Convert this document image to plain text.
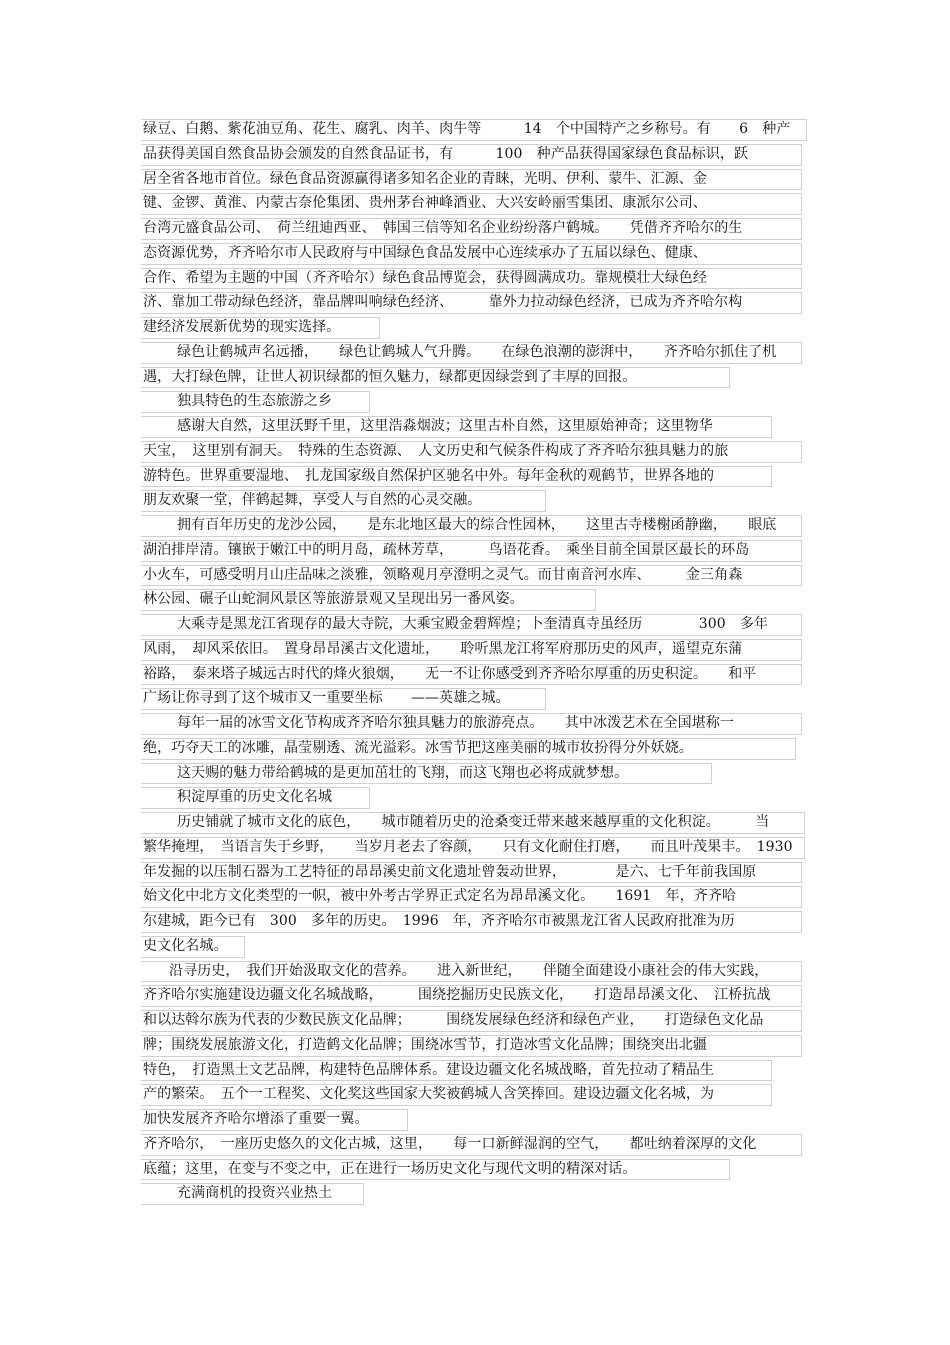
绿豆、白鹅、紫花油豆角、花生、腐乳、肉羊、肉牛等　　　14　个中国特产之乡称号。有　　6　种产
品获得美国自然食品协会颁发的自然食品证书，有　　　100　种产品获得国家绿色食品标识，跃
居全省各地市首位。绿色食品资源赢得诸多知名企业的青睐，光明、伊利、蒙牛、汇源、金
键、金锣、黄淮、内蒙古奈伦集团、贵州茅台神峰酒业、大兴安岭丽雪集团、康派尔公司、
台湾元盛食品公司、　荷兰纽迪西亚、　韩国三信等知名企业纷纷落户鹤城。　　凭借齐齐哈尔的生
态资源优势，齐齐哈尔市人民政府与中国绿色食品发展中心连续承办了五届以绿色、健康、
合作、希望为主题的中国（齐齐哈尔）绿色食品博览会，获得圆满成功。靠规模壮大绿色经
济、靠加工带动绿色经济，靠品牌叫响绿色经济、　　　靠外力拉动绿色经济，已成为齐齐哈尔构
建经济发展新优势的现实选择。
绿色让鹤城声名远播，　　绿色让鹤城人气升腾。　　在绿色浪潮的澎湃中，　　齐齐哈尔抓住了机
遇，大打绿色牌，让世人初识绿都的恒久魅力，绿都更因绿尝到了丰厚的回报。
独具特色的生态旅游之乡
感谢大自然，这里沃野千里，这里浩淼烟波；这里古朴自然，这里原始神奇；这里物华
天宝，　这里别有洞天。　特殊的生态资源、　人文历史和气候条件构成了齐齐哈尔独具魅力的旅
游特色。世界重要湿地、　扎龙国家级自然保护区驰名中外。每年金秋的观鹤节，世界各地的
朋友欢聚一堂，伴鹤起舞，享受人与自然的心灵交融。
拥有百年历史的龙沙公园，　　是东北地区最大的综合性园林，　　这里古寺楼榭函静幽，　　眼底
湖泊排岸清。镶嵌于嫩江中的明月岛，疏林芳草，　　　鸟语花香。　乘坐目前全国景区最长的环岛
小火车，可感受明月山庄品味之淡雅，领略观月亭澄明之灵气。而甘南音河水库、　　　金三角森
林公园、碾子山蛇洞风景区等旅游景观又呈现出另一番风姿。
大乘寺是黑龙江省现存的最大寺院，大乘宝殿金碧辉煌；卜奎清真寺虽经历　　　　300　多年
风雨，　却风采依旧。　置身昂昂溪古文化遗址，　　聆听黑龙江将军府那历史的风声，遥望克东蒲
裕路，　泰来塔子城远古时代的烽火狼烟，　　无一不让你感受到齐齐哈尔厚重的历史积淀。　　和平
广场让你寻到了这个城市又一重要坐标　　——英雄之城。
每年一届的冰雪文化节构成齐齐哈尔独具魅力的旅游亮点。　　其中冰泼艺术在全国堪称一
绝，巧夺天工的冰雕，晶莹剔透、流光溢彩。冰雪节把这座美丽的城市妆扮得分外妖娆。
这天赐的魅力带给鹤城的是更加茁壮的飞翔，而这飞翔也必将成就梦想。
积淀厚重的历史文化名城
历史铺就了城市文化的底色，　　城市随着历史的沧桑变迁带来越来越厚重的文化积淀。　　　当
繁华掩埋，　当语言失于乡野，　　当岁月老去了容颜，　　只有文化耐住打磨，　　而且叶茂果丰。　1930
年发掘的以压制石器为工艺特征的昂昂溪史前文化遗址曾轰动世界，　　　　是六、七千年前我国原
始文化中北方文化类型的一帜，被中外考古学界正式定名为昂昂溪文化。　　1691　年，齐齐哈
尔建城，距今已有　300　多年的历史。　1996　年，齐齐哈尔市被黑龙江省人民政府批准为历
史文化名城。
沿寻历史，　我们开始汲取文化的营养。　　进入新世纪，　　伴随全面建设小康社会的伟大实践，
齐齐哈尔实施建设边疆文化名城战略，　　　围绕挖掘历史民族文化，　　打造昂昂溪文化、　江桥抗战
和以达斡尔族为代表的少数民族文化品牌；　　　围绕发展绿色经济和绿色产业，　　打造绿色文化品
牌；围绕发展旅游文化，打造鹤文化品牌；围绕冰雪节，打造冰雪文化品牌；围绕突出北疆
特色，　打造黑土文艺品牌，构建特色品牌体系。建设边疆文化名城战略，首先拉动了精品生
产的繁荣。　五个一工程奖、文化奖这些国家大奖被鹤城人含笑捧回。建设边疆文化名城，为
加快发展齐齐哈尔增添了重要一翼。
齐齐哈尔，　一座历史悠久的文化古城，这里，　　每一口新鲜湿润的空气，　　都吐纳着深厚的文化
底蕴；这里，在变与不变之中，正在进行一场历史文化与现代文明的精深对话。
充满商机的投资兴业热土
